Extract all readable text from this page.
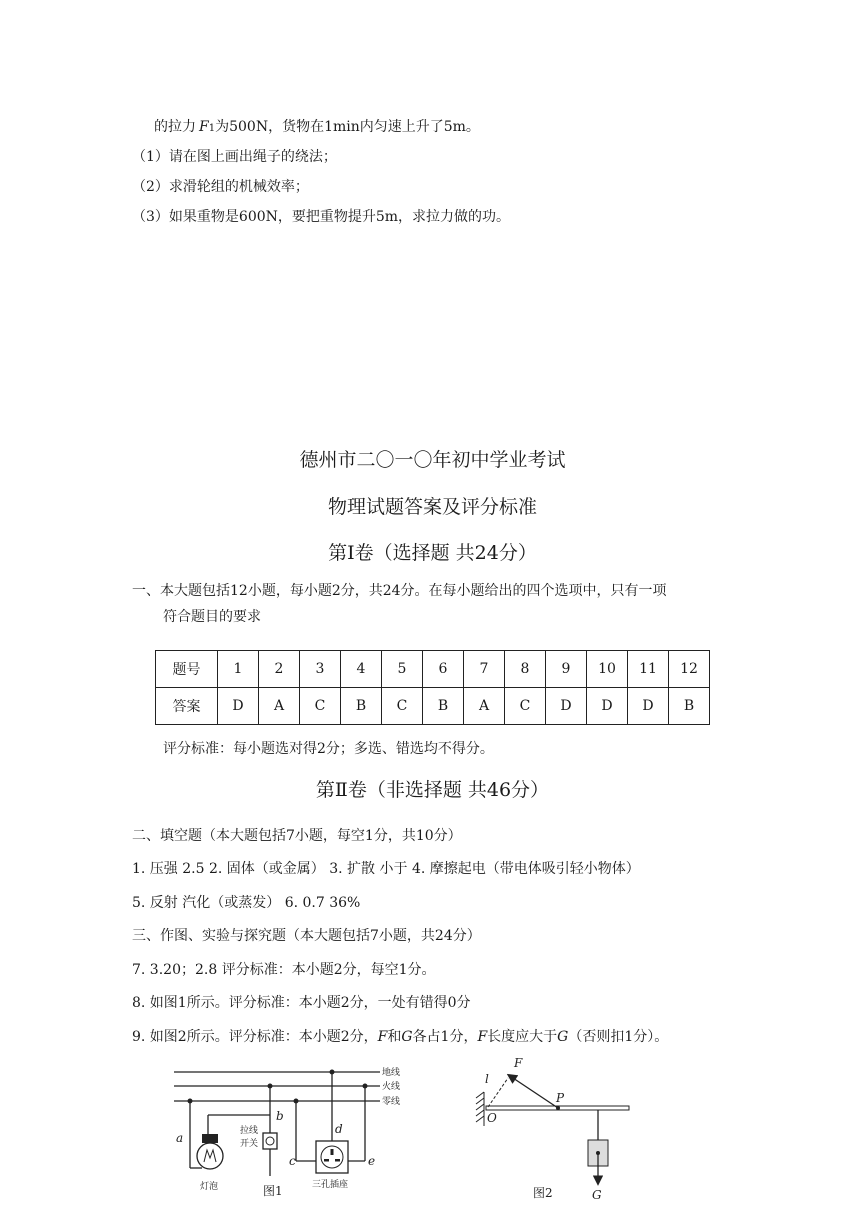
的拉力 F1为500N，货物在1min内匀速上升了5m。
（1）请在图上画出绳子的绕法；
（2）求滑轮组的机械效率；
（3）如果重物是600N，要把重物提升5m，求拉力做的功。
德州市二〇一〇年初中学业考试
物理试题答案及评分标准
第Ⅰ卷（选择题 共24分）
一、本大题包括12小题，每小题2分，共24分。在每小题给出的四个选项中，只有一项
符合题目的要求
题号	1	2	3	4	5	6	7	8	9	10	11	12
答案	D	A	C	B	C	B	A	C	D	D	D	B
评分标准：每小题选对得2分；多选、错选均不得分。
第Ⅱ卷（非选择题 共46分）
二、填空题（本大题包括7小题，每空1分，共10分）
1. 压强 2.5 2. 固体（或金属） 3. 扩散 小于 4. 摩擦起电（带电体吸引轻小物体）
5. 反射 汽化（或蒸发） 6. 0.7 36%
三、作图、实验与探究题（本大题包括7小题，共24分）
7. 3.20；2.8 评分标准：本小题2分，每空1分。
8. 如图1所示。评分标准：本小题2分，一处有错得0分
9. 如图2所示。评分标准：本小题2分，F和G各占1分，F长度应大于G（否则扣1分）。
地线
火线
零线
拉线
开关
灯泡	三孔插座
a
b
c
d
e
图1
F
l
O
P
G
图2
